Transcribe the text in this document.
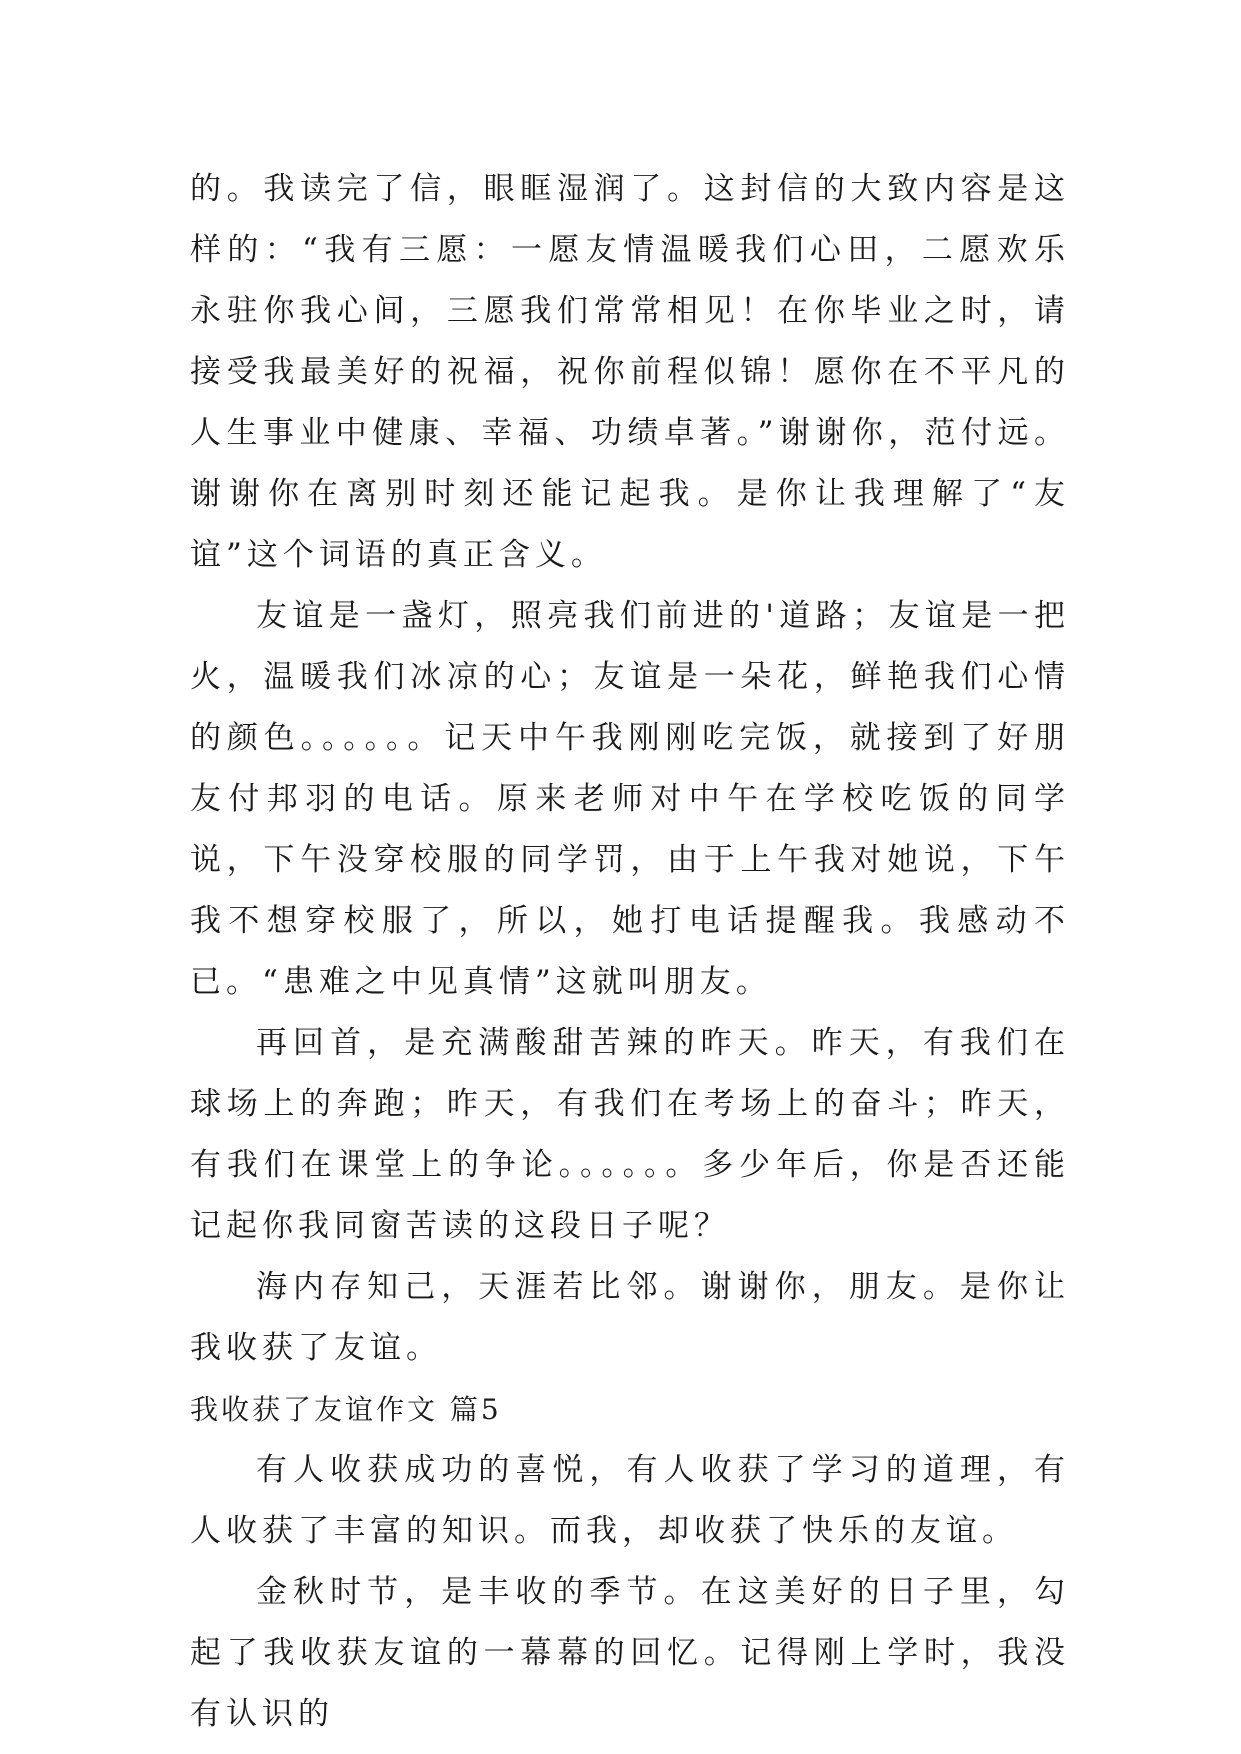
的。我读完了信，眼眶湿润了。这封信的大致内容是这样的：“我有三愿：一愿友情温暖我们心田，二愿欢乐永驻你我心间，三愿我们常常相见！在你毕业之时，请接受我最美好的祝福，祝你前程似锦！愿你在不平凡的人生事业中健康、幸福、功绩卓著。”谢谢你，范付远。谢谢你在离别时刻还能记起我。是你让我理解了“友谊”这个词语的真正含义。

友谊是一盏灯，照亮我们前进的'道路；友谊是一把火，温暖我们冰凉的心；友谊是一朵花，鲜艳我们心情的颜色。。。。。。记天中午我刚刚吃完饭，就接到了好朋友付邦羽的电话。原来老师对中午在学校吃饭的同学说，下午没穿校服的同学罚，由于上午我对她说，下午我不想穿校服了，所以，她打电话提醒我。我感动不已。“患难之中见真情”这就叫朋友。

再回首，是充满酸甜苦辣的昨天。昨天，有我们在球场上的奔跑；昨天，有我们在考场上的奋斗；昨天，有我们在课堂上的争论。。。。。。多少年后，你是否还能记起你我同窗苦读的这段日子呢？

海内存知己，天涯若比邻。谢谢你，朋友。是你让我收获了友谊。

我收获了友谊作文 篇5

有人收获成功的喜悦，有人收获了学习的道理，有人收获了丰富的知识。而我，却收获了快乐的友谊。

金秋时节，是丰收的季节。在这美好的日子里，勾起了我收获友谊的一幕幕的回忆。记得刚上学时，我没有认识的
